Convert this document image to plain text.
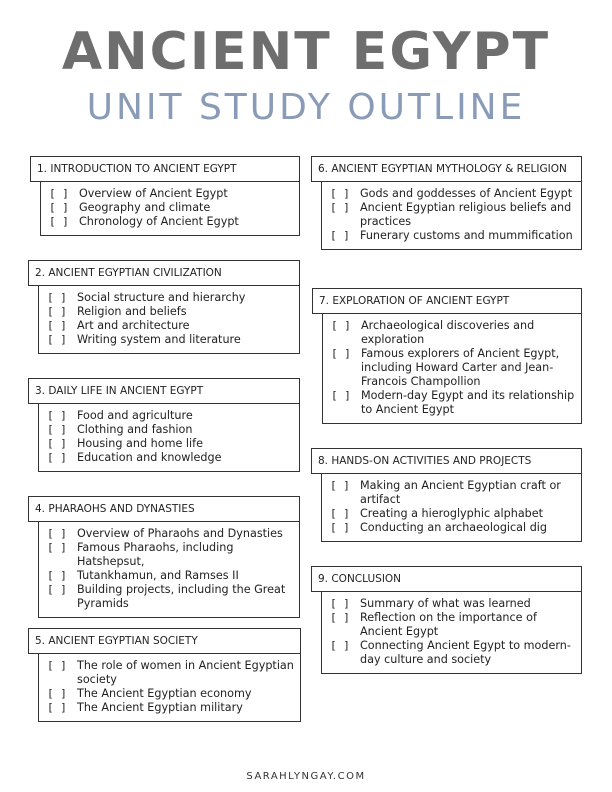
ANCIENT EGYPT
UNIT STUDY OUTLINE
1. INTRODUCTION TO ANCIENT EGYPT
[ ] Overview of Ancient Egypt
[ ] Geography and climate
[ ] Chronology of Ancient Egypt
2. ANCIENT EGYPTIAN CIVILIZATION
[ ] Social structure and hierarchy
[ ] Religion and beliefs
[ ] Art and architecture
[ ] Writing system and literature
3. DAILY LIFE IN ANCIENT EGYPT
[ ] Food and agriculture
[ ] Clothing and fashion
[ ] Housing and home life
[ ] Education and knowledge
4. PHARAOHS AND DYNASTIES
[ ] Overview of Pharaohs and Dynasties
[ ] Famous Pharaohs, including Hatshepsut,
[ ] Tutankhamun, and Ramses II
[ ] Building projects, including the Great Pyramids
5. ANCIENT EGYPTIAN SOCIETY
[ ] The role of women in Ancient Egyptian society
[ ] The Ancient Egyptian economy
[ ] The Ancient Egyptian military
6. ANCIENT EGYPTIAN MYTHOLOGY & RELIGION
[ ] Gods and goddesses of Ancient Egypt
[ ] Ancient Egyptian religious beliefs and practices
[ ] Funerary customs and mummification
7. EXPLORATION OF ANCIENT EGYPT
[ ] Archaeological discoveries and exploration
[ ] Famous explorers of Ancient Egypt, including Howard Carter and Jean-Francois Champollion
[ ] Modern-day Egypt and its relationship to Ancient Egypt
8. HANDS-ON ACTIVITIES AND PROJECTS
[ ] Making an Ancient Egyptian craft or artifact
[ ] Creating a hieroglyphic alphabet
[ ] Conducting an archaeological dig
9. CONCLUSION
[ ] Summary of what was learned
[ ] Reflection on the importance of Ancient Egypt
[ ] Connecting Ancient Egypt to modern-day culture and society
SARAHLYNGAY.COM
